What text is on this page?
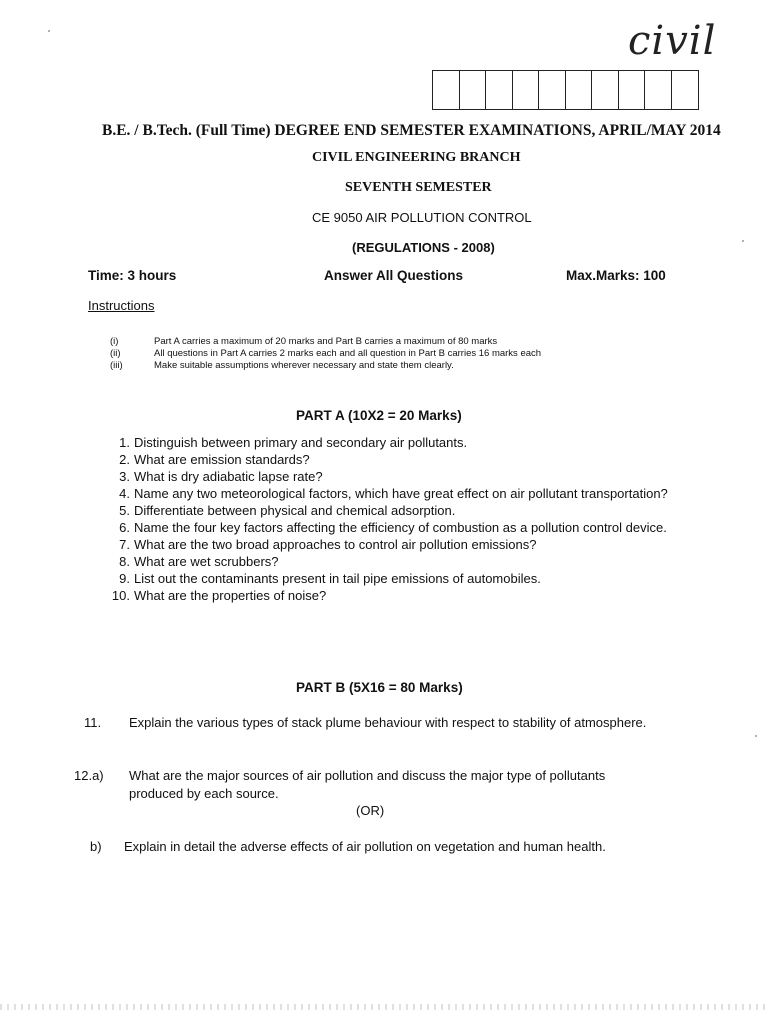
civil
B.E. / B.Tech. (Full Time) DEGREE END SEMESTER EXAMINATIONS, APRIL/MAY 2014
CIVIL ENGINEERING BRANCH
SEVENTH SEMESTER
CE 9050 AIR POLLUTION CONTROL
(REGULATIONS - 2008)
Time: 3 hours	Answer All Questions	Max.Marks: 100
Instructions
(i)	Part A carries a maximum of 20 marks and Part B carries a maximum of 80 marks
(ii)	All questions in Part A carries 2 marks each and all question in Part B carries 16 marks each
(iii)	Make suitable assumptions wherever necessary and state them clearly.
PART A (10X2 = 20 Marks)
1. Distinguish between primary and secondary air pollutants.
2. What are emission standards?
3. What is dry adiabatic lapse rate?
4. Name any two meteorological factors, which have great effect on air pollutant transportation?
5. Differentiate between physical and chemical adsorption.
6. Name the four key factors affecting the efficiency of combustion as a pollution control device.
7. What are the two broad approaches to control air pollution emissions?
8. What are wet scrubbers?
9. List out the contaminants present in tail pipe emissions of automobiles.
10. What are the properties of noise?
PART B (5X16 = 80 Marks)
11. Explain the various types of stack plume behaviour with respect to stability of atmosphere.
12.a) What are the major sources of air pollution and discuss the major type of pollutants produced by each source.
(OR)
b) Explain in detail the adverse effects of air pollution on vegetation and human health.
